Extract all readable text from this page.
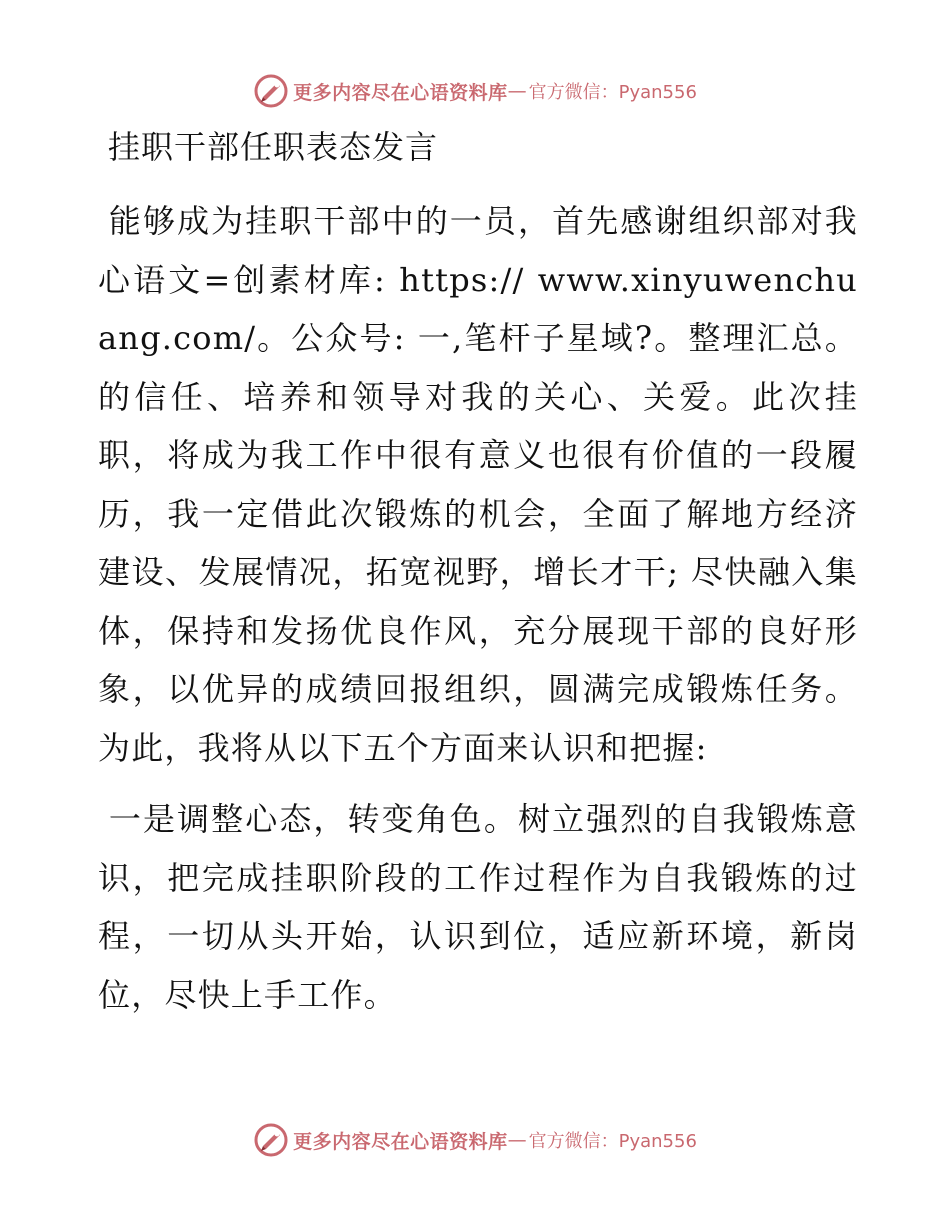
更多内容尽在心语资料库 — 官方微信：Pyan556
挂职干部任职表态发言

能够成为挂职干部中的一员，首先感谢组织部对我心语文=创素材库: https:// www.xinyuwenchuang.com/。公众号: 一,笔杆子星域?。整理汇总。的信任、培养和领导对我的关心、关爱。此次挂职，将成为我工作中很有意义也很有价值的一段履历，我一定借此次锻炼的机会，全面了解地方经济建设、发展情况，拓宽视野，增长才干; 尽快融入集体，保持和发扬优良作风，充分展现干部的良好形象，以优异的成绩回报组织，圆满完成锻炼任务。为此，我将从以下五个方面来认识和把握:

一是调整心态，转变角色。树立强烈的自我锻炼意识，把完成挂职阶段的工作过程作为自我锻炼的过程，一切从头开始，认识到位，适应新环境，新岗位，尽快上手工作。

更多内容尽在心语资料库 — 官方微信：Pyan556
